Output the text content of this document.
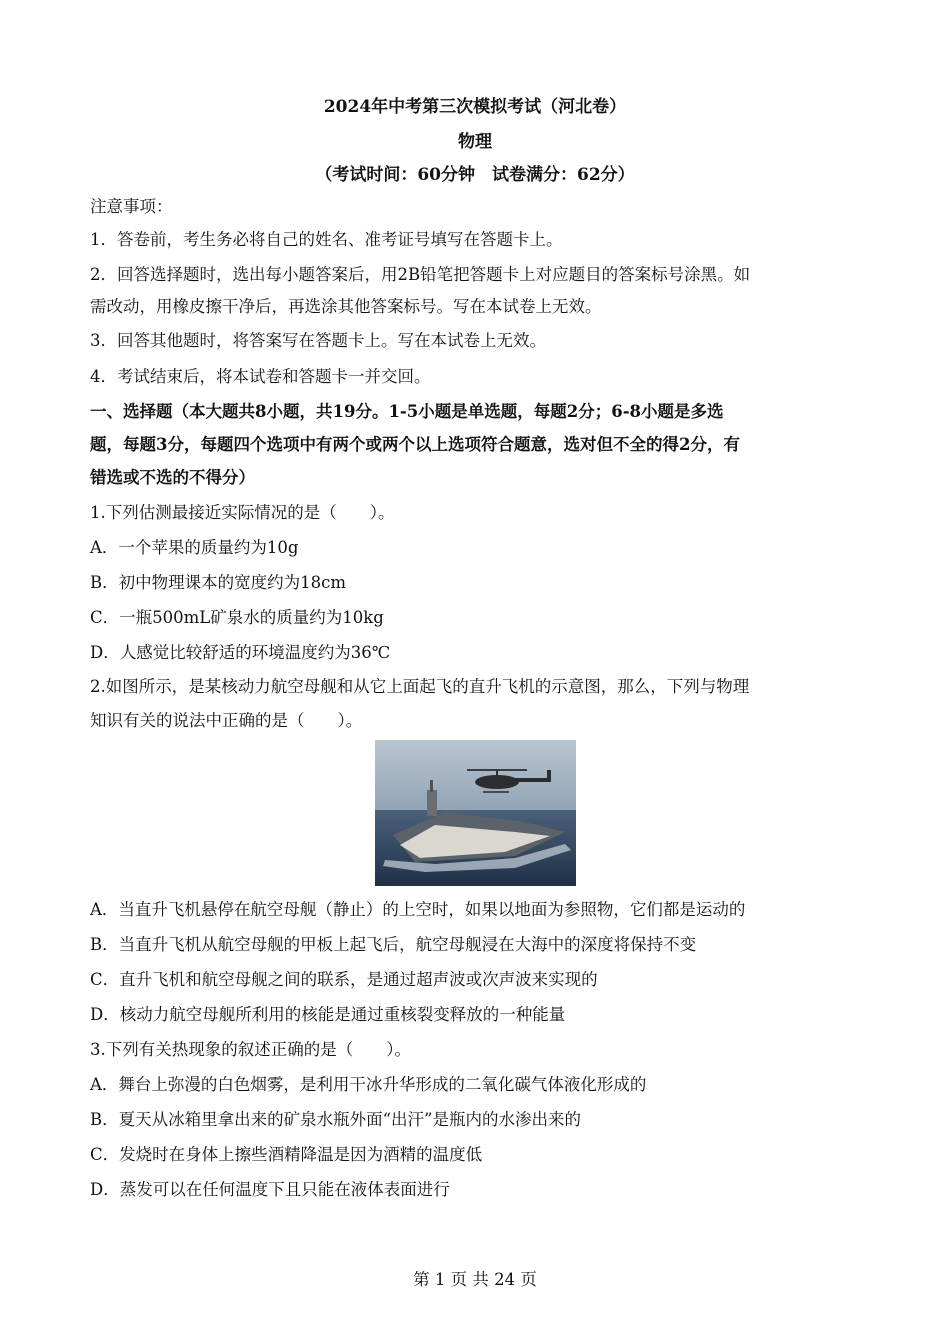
2024年中考第三次模拟考试（河北卷）
物理
（考试时间：60分钟　试卷满分：62分）
注意事项：
1．答卷前，考生务必将自己的姓名、准考证号填写在答题卡上。
2．回答选择题时，选出每小题答案后，用2B铅笔把答题卡上对应题目的答案标号涂黑。如
需改动，用橡皮擦干净后，再选涂其他答案标号。写在本试卷上无效。
3．回答其他题时，将答案写在答题卡上。写在本试卷上无效。
4．考试结束后，将本试卷和答题卡一并交回。
一、选择题（本大题共8小题，共19分。1-5小题是单选题，每题2分；6-8小题是多选
题，每题3分，每题四个选项中有两个或两个以上选项符合题意，选对但不全的得2分，有
错选或不选的不得分）
1.下列估测最接近实际情况的是（　　）。
A．一个苹果的质量约为10g
B．初中物理课本的宽度约为18cm
C．一瓶500mL矿泉水的质量约为10kg
D．人感觉比较舒适的环境温度约为36℃
2.如图所示，是某核动力航空母舰和从它上面起飞的直升飞机的示意图，那么，下列与物理
知识有关的说法中正确的是（　　）。
A．当直升飞机悬停在航空母舰（静止）的上空时，如果以地面为参照物，它们都是运动的
B．当直升飞机从航空母舰的甲板上起飞后，航空母舰浸在大海中的深度将保持不变
C．直升飞机和航空母舰之间的联系，是通过超声波或次声波来实现的
D．核动力航空母舰所利用的核能是通过重核裂变释放的一种能量
3.下列有关热现象的叙述正确的是（　　）。
A．舞台上弥漫的白色烟雾，是利用干冰升华形成的二氧化碳气体液化形成的
B．夏天从冰箱里拿出来的矿泉水瓶外面“出汗”是瓶内的水渗出来的
C．发烧时在身体上擦些酒精降温是因为酒精的温度低
D．蒸发可以在任何温度下且只能在液体表面进行
第 1 页 共 24 页
